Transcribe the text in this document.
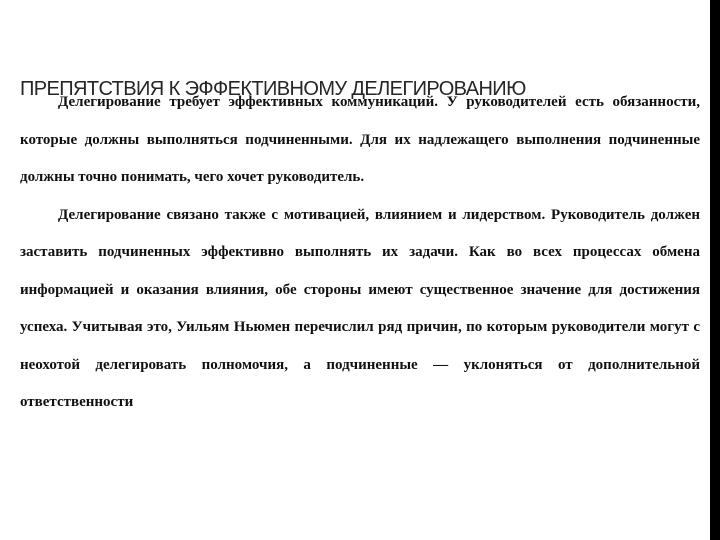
ПРЕПЯТСТВИЯ К ЭФФЕКТИВНОМУ ДЕЛЕГИРОВАНИЮ

Делегирование требует эффективных коммуникаций. У руководителей есть обязанности, которые должны выполняться подчиненными. Для их надлежащего выполнения подчиненные должны точно понимать, чего хочет руководитель.

Делегирование связано также с мотивацией, влиянием и лидерством. Руководитель должен заставить подчиненных эффективно выполнять их задачи. Как во всех процессах обмена информацией и оказания влияния, обе стороны имеют существенное значение для достижения успеха. Учитывая это, Уильям Ньюмен перечислил ряд причин, по которым руководители могут с неохотой делегировать полномочия, а подчиненные — уклоняться от дополнительной ответственности
